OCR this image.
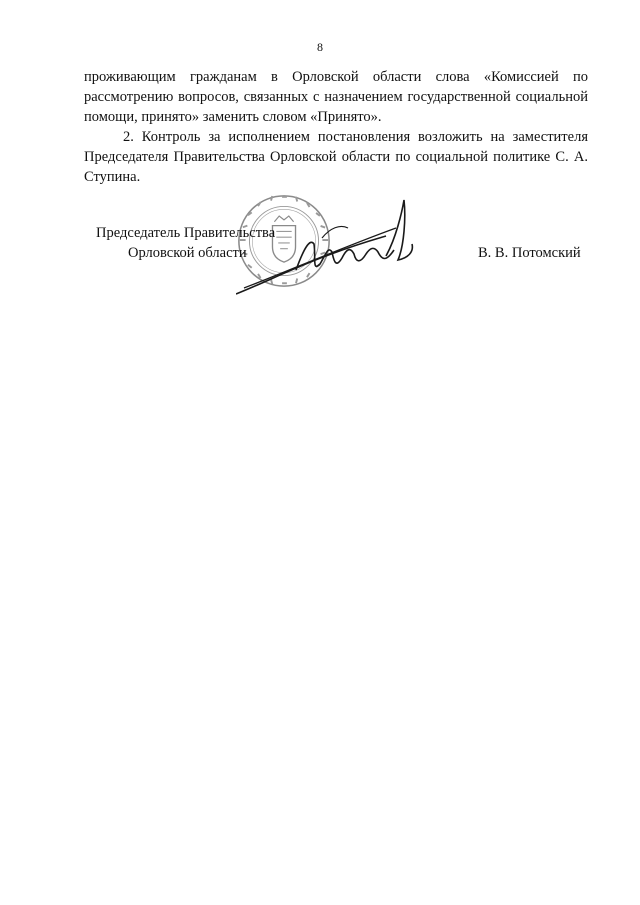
8

проживающим гражданам в Орловской области слова «Комиссией по рассмотрению вопросов, связанных с назначением государственной социальной помощи, принято» заменить словом «Принято».

2. Контроль за исполнением постановления возложить на заместителя Председателя Правительства Орловской области по социальной политике С. А. Ступина.

Председатель Правительства
Орловской области	В. В. Потомский
